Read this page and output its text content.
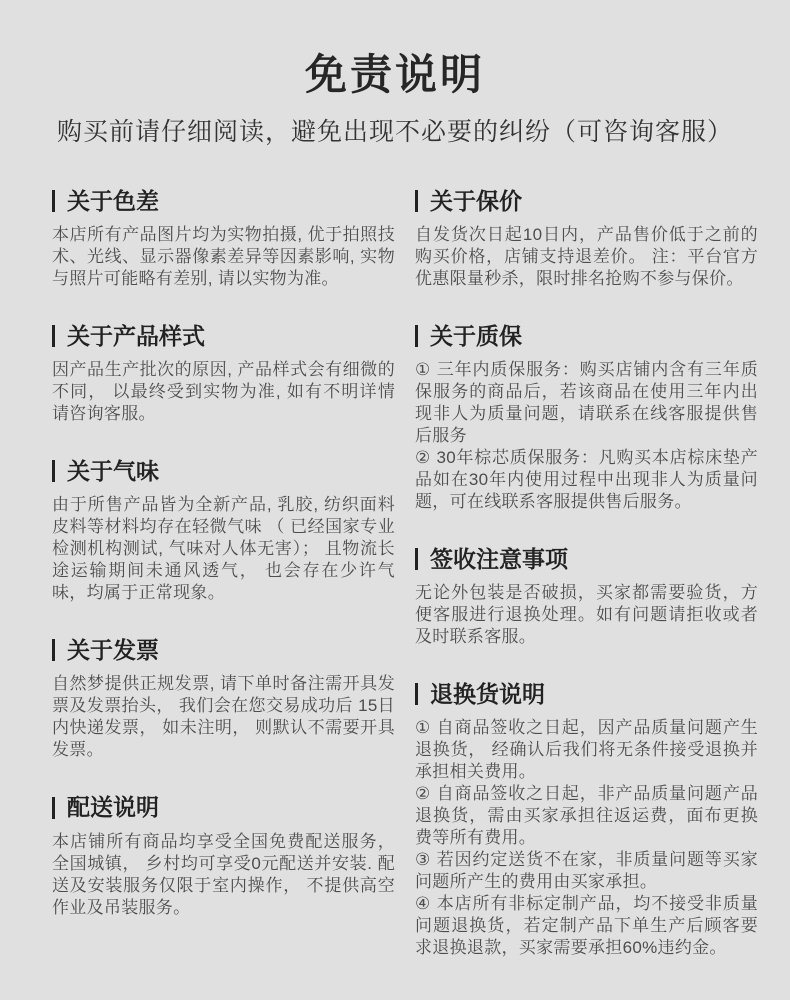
免责说明

购买前请仔细阅读，避免出现不必要的纠纷（可咨询客服）

关于色差

本店所有产品图片均为实物拍摄, 优于拍照技术、光线、显示器像素差异等因素影响, 实物与照片可能略有差别, 请以实物为准。

关于产品样式

因产品生产批次的原因, 产品样式会有细微的不同， 以最终受到实物为准, 如有不明详情请咨询客服。

关于气味

由于所售产品皆为全新产品, 乳胶, 纺织面料皮料等材料均存在轻微气味 （ 已经国家专业检测机构测试, 气味对人体无害）； 且物流长途运输期间未通风透气， 也会存在少许气味，均属于正常现象。

关于发票

自然梦提供正规发票, 请下单时备注需开具发票及发票抬头， 我们会在您交易成功后 15日内快递发票， 如未注明， 则默认不需要开具发票。

配送说明

本店铺所有商品均享受全国免费配送服务， 全国城镇， 乡村均可享受0元配送并安装. 配送及安装服务仅限于室内操作， 不提供高空作业及吊装服务。

关于保价

自发货次日起10日内，产品售价低于之前的购买价格，店铺支持退差价。 注：平台官方优惠限量秒杀，限时排名抢购不参与保价。

关于质保

① 三年内质保服务：购买店铺内含有三年质保服务的商品后，若该商品在使用三年内出现非人为质量问题，请联系在线客服提供售后服务

② 30年棕芯质保服务：凡购买本店棕床垫产品如在30年内使用过程中出现非人为质量问题，可在线联系客服提供售后服务。

签收注意事项

无论外包装是否破损，买家都需要验货，方便客服进行退换处理。如有问题请拒收或者及时联系客服。

退换货说明

① 自商品签收之日起，因产品质量问题产生退换货， 经确认后我们将无条件接受退换并承担相关费用。

② 自商品签收之日起，非产品质量问题产品退换货，需由买家承担往返运费，面布更换费等所有费用。

③ 若因约定送货不在家，非质量问题等买家问题所产生的费用由买家承担。

④ 本店所有非标定制产品，均不接受非质量问题退换货，若定制产品下单生产后顾客要求退换退款，买家需要承担60%违约金。
